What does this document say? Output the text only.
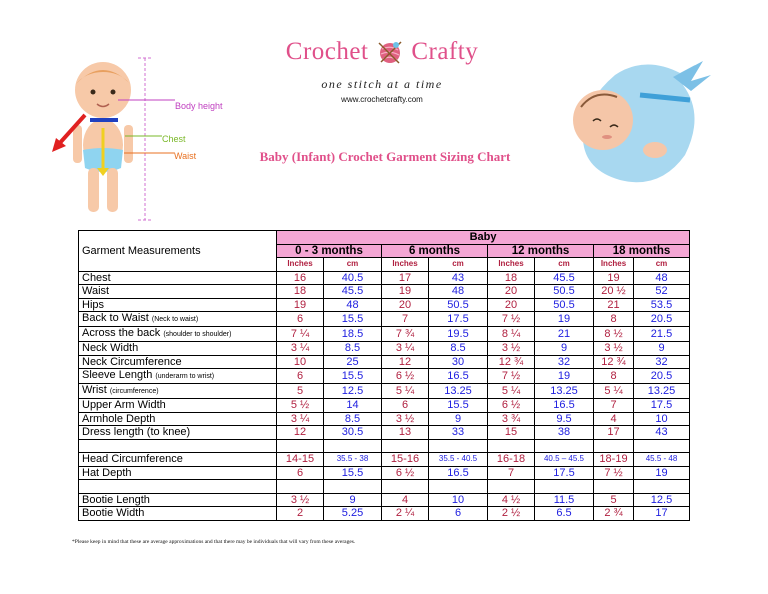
Crochet Crafty
one stitch at a time
www.crochetcrafty.com
Body height
Chest
Waist	Baby (Infant) Crochet Garment Sizing Chart
Garment Measurements	Baby							
	0 - 3 months		6 months		12 months		18 months	
	Inches	cm	Inches	cm	Inches	cm	Inches	cm
Chest	16	40.5	17	43	18	45.5	19	48
Waist	18	45.5	19	48	20	50.5	20 ½	52
Hips	19	48	20	50.5	20	50.5	21	53.5
Back to Waist (Neck to waist)	6	15.5	7	17.5	7 ½	19	8	20.5
Across the back (shoulder to shoulder)	7 ¼	18.5	7 ¾	19.5	8 ¼	21	8 ½	21.5
Neck Width	3 ¼	8.5	3 ¼	8.5	3 ½	9	3 ½	9
Neck Circumference	10	25	12	30	12 ¾	32	12 ¾	32
Sleeve Length (underarm to wrist)	6	15.5	6 ½	16.5	7 ½	19	8	20.5
Wrist (circumference)	5	12.5	5 ¼	13.25	5 ¼	13.25	5 ¼	13.25
Upper Arm Width	5 ½	14	6	15.5	6 ½	16.5	7	17.5
Armhole Depth	3 ¼	8.5	3 ½	9	3 ¾	9.5	4	10
Dress length (to knee)	12	30.5	13	33	15	38	17	43

Head Circumference	14-15	35.5 - 38	15-16	35.5 - 40.5	16-18	40.5 – 45.5	18-19	45.5 - 48
Hat Depth	6	15.5	6 ½	16.5	7	17.5	7 ½	19

Bootie Length	3 ½	9	4	10	4 ½	11.5	5	12.5
Bootie Width	2	5.25	2 ¼	6	2 ½	6.5	2 ¾	17
*Please keep in mind that these are average approximations and that there may be individuals that will vary from these averages.
